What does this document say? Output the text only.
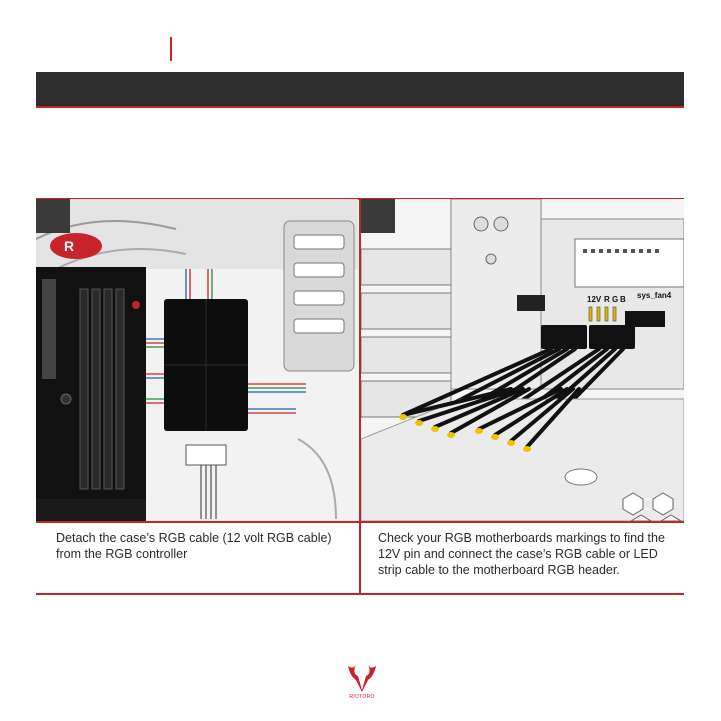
R
12V R G B sys_fan4
Detach the case’s RGB cable (12 volt RGB cable) from the RGB controller
Check your RGB motherboards markings to find the 12V pin and connect the case’s RGB cable or LED strip cable to the motherboard RGB header.
RIOTORO
